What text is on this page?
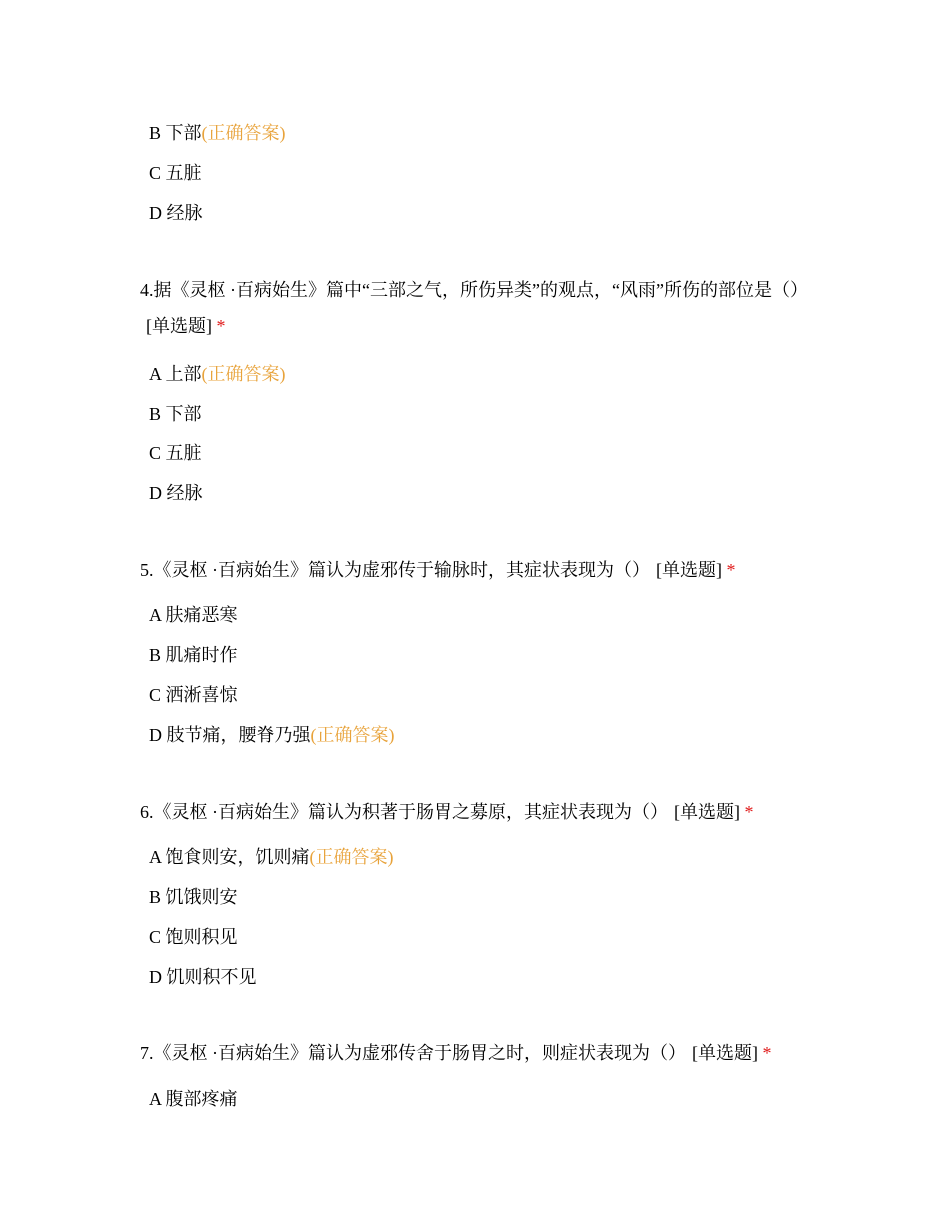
B 下部(正确答案)
C 五脏
D 经脉
4.据《灵枢 ·百病始生》篇中“三部之气，所伤异类”的观点，“风雨”所伤的部位是（）[单选题] *
A 上部(正确答案)
B 下部
C 五脏
D 经脉
5.《灵枢 ·百病始生》篇认为虚邪传于输脉时，其症状表现为（） [单选题] *
A 肤痛恶寒
B 肌痛时作
C 洒淅喜惊
D 肢节痛，腰脊乃强(正确答案)
6.《灵枢 ·百病始生》篇认为积著于肠胃之募原，其症状表现为（） [单选题] *
A 饱食则安，饥则痛(正确答案)
B 饥饿则安
C 饱则积见
D 饥则积不见
7.《灵枢 ·百病始生》篇认为虚邪传舍于肠胃之时，则症状表现为（） [单选题] *
A 腹部疼痛
